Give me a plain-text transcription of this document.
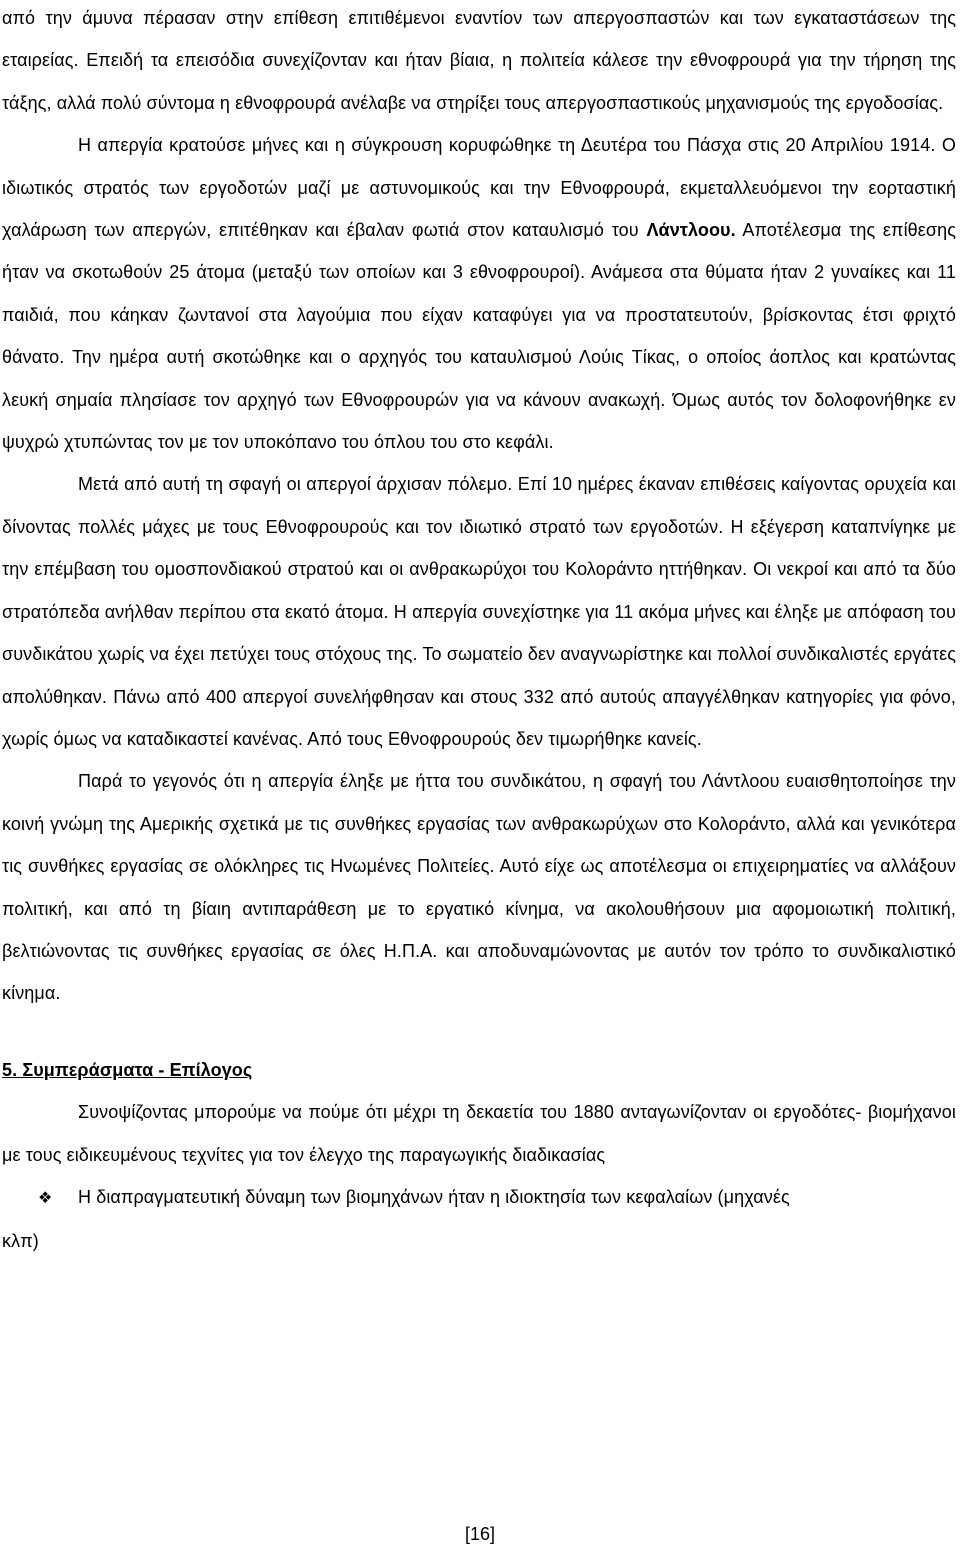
από την άμυνα πέρασαν στην επίθεση επιτιθέμενοι εναντίον των απεργοσπαστών και των εγκαταστάσεων της εταιρείας. Επειδή τα επεισόδια συνεχίζονταν και ήταν βίαια, η πολιτεία κάλεσε την εθνοφρουρά για την τήρηση της τάξης, αλλά πολύ σύντομα η εθνοφρουρά ανέλαβε να στηρίξει τους απεργοσπαστικούς μηχανισμούς της εργοδοσίας.

Η απεργία κρατούσε μήνες και η σύγκρουση κορυφώθηκε τη Δευτέρα του Πάσχα στις 20 Απριλίου 1914. Ο ιδιωτικός στρατός των εργοδοτών μαζί με αστυνομικούς και την Εθνοφρουρά, εκμεταλλευόμενοι την εορταστική χαλάρωση των απεργών, επιτέθηκαν και έβαλαν φωτιά στον καταυλισμό του Λάντλοου. Αποτέλεσμα της επίθεσης ήταν να σκοτωθούν 25 άτομα (μεταξύ των οποίων και 3 εθνοφρουροί). Ανάμεσα στα θύματα ήταν 2 γυναίκες και 11 παιδιά, που κάηκαν ζωντανοί στα λαγούμια που είχαν καταφύγει για να προστατευτούν, βρίσκοντας έτσι φριχτό θάνατο. Την ημέρα αυτή σκοτώθηκε και ο αρχηγός του καταυλισμού Λούις Τίκας, ο οποίος άοπλος και κρατώντας λευκή σημαία πλησίασε τον αρχηγό των Εθνοφρουρών για να κάνουν ανακωχή. Όμως αυτός τον δολοφονήθηκε εν ψυχρώ χτυπώντας τον με τον υποκόπανο του όπλου του στο κεφάλι.

Μετά από αυτή τη σφαγή οι απεργοί άρχισαν πόλεμο. Επί 10 ημέρες έκαναν επιθέσεις καίγοντας ορυχεία και δίνοντας πολλές μάχες με τους Εθνοφρουρούς και τον ιδιωτικό στρατό των εργοδοτών. Η εξέγερση καταπνίγηκε με την επέμβαση του ομοσπονδιακού στρατού και οι ανθρακωρύχοι του Κολοράντο ηττήθηκαν. Οι νεκροί και από τα δύο στρατόπεδα ανήλθαν περίπου στα εκατό άτομα. Η απεργία συνεχίστηκε για 11 ακόμα μήνες και έληξε με απόφαση του συνδικάτου χωρίς να έχει πετύχει τους στόχους της. Το σωματείο δεν αναγνωρίστηκε και πολλοί συνδικαλιστές εργάτες απολύθηκαν. Πάνω από 400 απεργοί συνελήφθησαν και στους 332 από αυτούς απαγγέλθηκαν κατηγορίες για φόνο, χωρίς όμως να καταδικαστεί κανένας. Από τους Εθνοφρουρούς δεν τιμωρήθηκε κανείς.

Παρά το γεγονός ότι η απεργία έληξε με ήττα του συνδικάτου, η σφαγή του Λάντλοου ευαισθητοποίησε την κοινή γνώμη της Αμερικής σχετικά με τις συνθήκες εργασίας των ανθρακωρύχων στο Κολοράντο, αλλά και γενικότερα τις συνθήκες εργασίας σε ολόκληρες τις Ηνωμένες Πολιτείες. Αυτό είχε ως αποτέλεσμα οι επιχειρηματίες να αλλάξουν πολιτική, και από τη βίαιη αντιπαράθεση με το εργατικό κίνημα, να ακολουθήσουν μια αφομοιωτική πολιτική, βελτιώνοντας τις συνθήκες εργασίας σε όλες Η.Π.Α. και αποδυναμώνοντας με αυτόν τον τρόπο το συνδικαλιστικό κίνημα.

5. Συμπεράσματα - Επίλογος

Συνοψίζοντας μπορούμε να πούμε ότι μέχρι τη δεκαετία του 1880 ανταγωνίζονταν οι εργοδότες- βιομήχανοι με τους ειδικευμένους τεχνίτες για τον έλεγχο της παραγωγικής διαδικασίας

❖	Η διαπραγματευτική δύναμη των βιομηχάνων ήταν η ιδιοκτησία των κεφαλαίων (μηχανές

κλπ)

[16]
